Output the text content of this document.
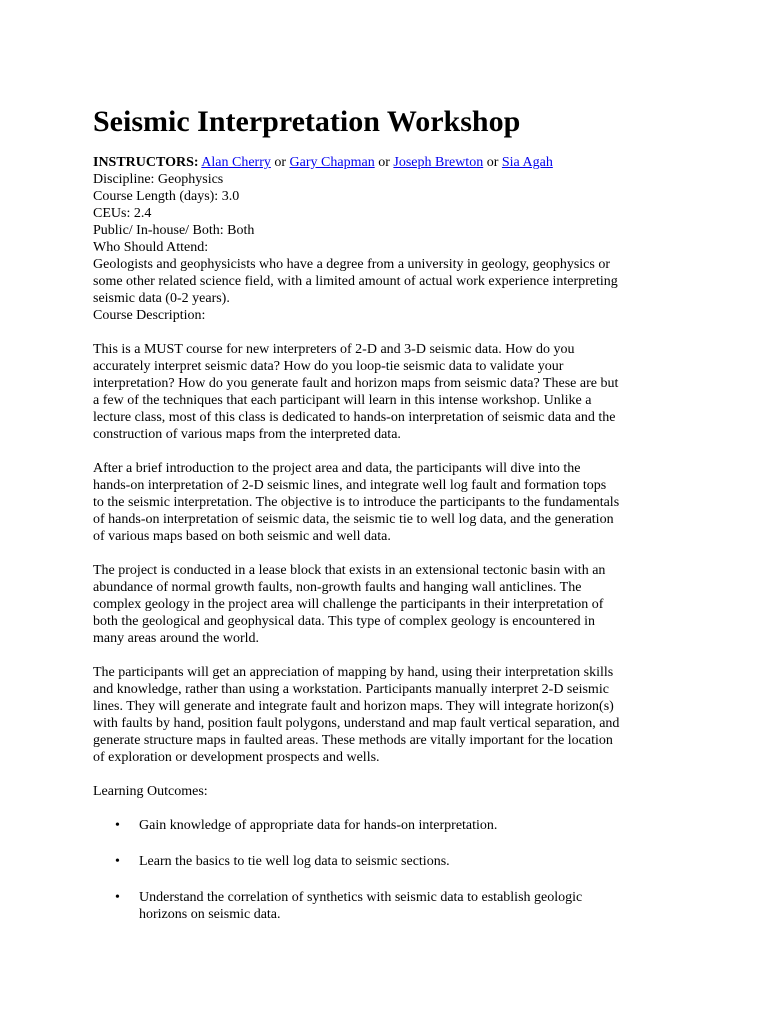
Seismic Interpretation Workshop
INSTRUCTORS: Alan Cherry or Gary Chapman or Joseph Brewton or Sia Agah
Discipline: Geophysics
Course Length (days): 3.0
CEUs: 2.4
Public/ In-house/ Both: Both
Who Should Attend:
Geologists and geophysicists who have a degree from a university in geology, geophysics or
some other related science field, with a limited amount of actual work experience interpreting
seismic data (0-2 years).
Course Description:
This is a MUST course for new interpreters of 2-D and 3-D seismic data. How do you
accurately interpret seismic data? How do you loop-tie seismic data to validate your
interpretation? How do you generate fault and horizon maps from seismic data? These are but
a few of the techniques that each participant will learn in this intense workshop. Unlike a
lecture class, most of this class is dedicated to hands-on interpretation of seismic data and the
construction of various maps from the interpreted data.
After a brief introduction to the project area and data, the participants will dive into the
hands-on interpretation of 2-D seismic lines, and integrate well log fault and formation tops
to the seismic interpretation. The objective is to introduce the participants to the fundamentals
of hands-on interpretation of seismic data, the seismic tie to well log data, and the generation
of various maps based on both seismic and well data.
The project is conducted in a lease block that exists in an extensional tectonic basin with an
abundance of normal growth faults, non-growth faults and hanging wall anticlines. The
complex geology in the project area will challenge the participants in their interpretation of
both the geological and geophysical data. This type of complex geology is encountered in
many areas around the world.
The participants will get an appreciation of mapping by hand, using their interpretation skills
and knowledge, rather than using a workstation. Participants manually interpret 2-D seismic
lines. They will generate and integrate fault and horizon maps. They will integrate horizon(s)
with faults by hand, position fault polygons, understand and map fault vertical separation, and
generate structure maps in faulted areas. These methods are vitally important for the location
of exploration or development prospects and wells.
Learning Outcomes:
• Gain knowledge of appropriate data for hands-on interpretation.
• Learn the basics to tie well log data to seismic sections.
• Understand the correlation of synthetics with seismic data to establish geologic
horizons on seismic data.
